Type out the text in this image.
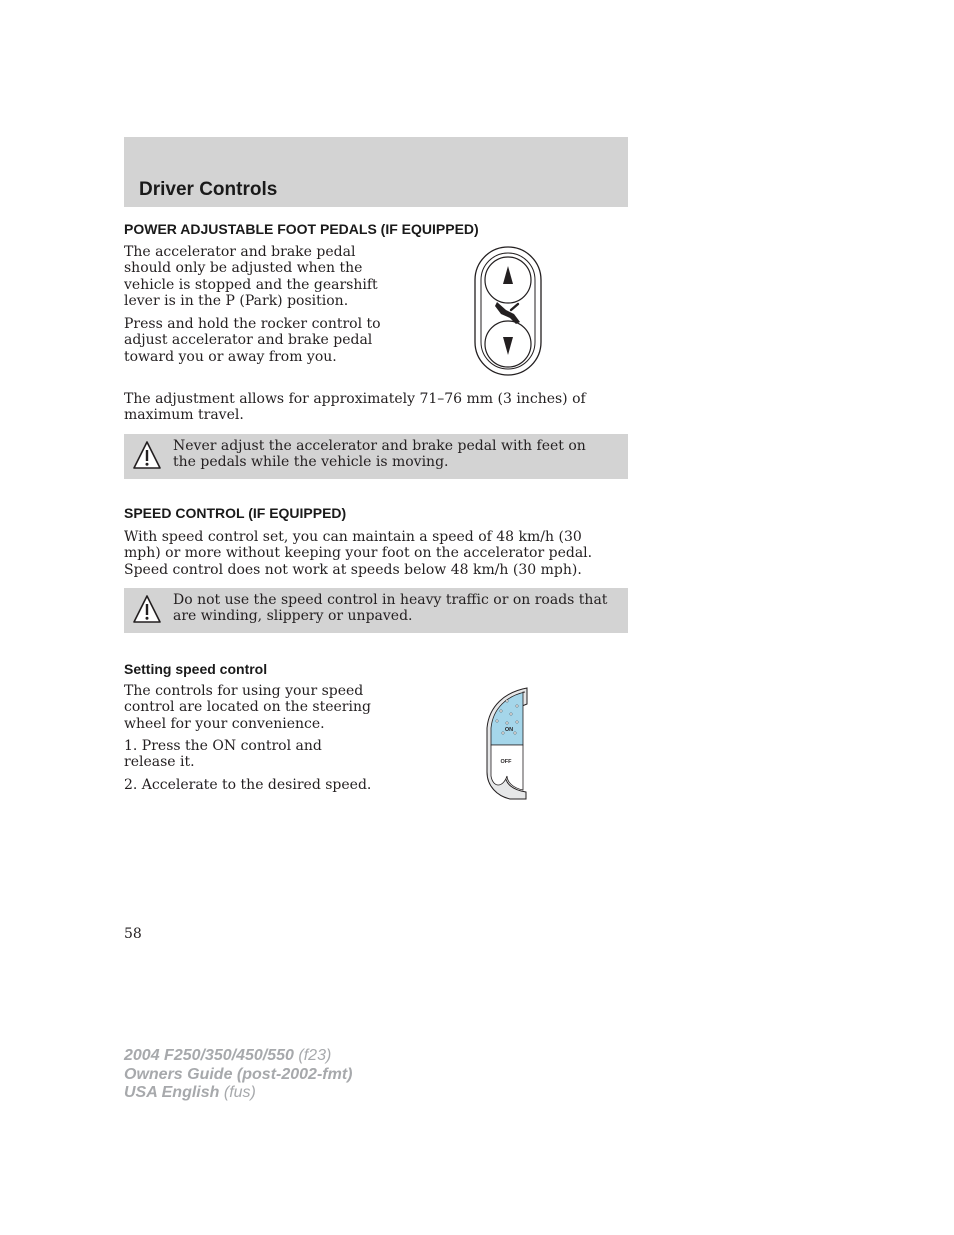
Driver Controls
POWER ADJUSTABLE FOOT PEDALS (IF EQUIPPED)

The accelerator and brake pedal should only be adjusted when the vehicle is stopped and the gearshift lever is in the P (Park) position.

Press and hold the rocker control to adjust accelerator and brake pedal toward you or away from you.

The adjustment allows for approximately 71–76 mm (3 inches) of maximum travel.

Never adjust the accelerator and brake pedal with feet on the pedals while the vehicle is moving.

SPEED CONTROL (IF EQUIPPED)

With speed control set, you can maintain a speed of 48 km/h (30 mph) or more without keeping your foot on the accelerator pedal. Speed control does not work at speeds below 48 km/h (30 mph).

Do not use the speed control in heavy traffic or on roads that are winding, slippery or unpaved.

Setting speed control

The controls for using your speed control are located on the steering wheel for your convenience.

1. Press the ON control and release it.

2. Accelerate to the desired speed.

ON
OFF

58

2004 F250/350/450/550 (f23)
Owners Guide (post-2002-fmt)
USA English (fus)
